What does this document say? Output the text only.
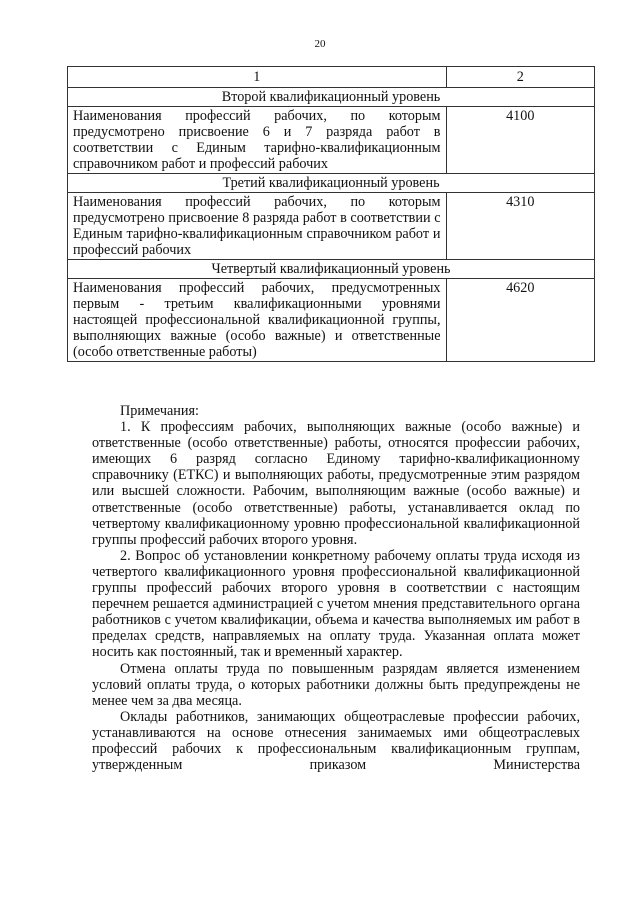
20
1	2
Второй квалификационный уровень	
Наименования профессий рабочих, по которым предусмотрено присвоение 6 и 7 разряда работ в соответствии с Единым тарифно-квалификационным справочником работ и профессий рабочих	4100
Третий квалификационный уровень	
Наименования профессий рабочих, по которым предусмотрено присвоение 8 разряда работ в соответствии с Единым тарифно-квалификационным справочником работ и профессий рабочих	4310
Четвертый квалификационный уровень	
Наименования профессий рабочих, предусмотренных первым - третьим квалификационными уровнями настоящей профессиональной квалификационной группы, выполняющих важные (особо важные) и ответственные (особо ответственные работы)	4620

Примечания:

1. К профессиям рабочих, выполняющих важные (особо важные) и ответственные (особо ответственные) работы, относятся профессии рабочих, имеющих 6 разряд согласно Единому тарифно-квалификационному справочнику (ЕТКС) и выполняющих работы, предусмотренные этим разрядом или высшей сложности. Рабочим, выполняющим важные (особо важные) и ответственные (особо ответственные) работы, устанавливается оклад по четвертому квалификационному уровню профессиональной квалификационной группы профессий рабочих второго уровня.

2. Вопрос об установлении конкретному рабочему оплаты труда исходя из четвертого квалификационного уровня профессиональной квалификационной группы профессий рабочих второго уровня в соответствии с настоящим перечнем решается администрацией с учетом мнения представительного органа работников с учетом квалификации, объема и качества выполняемых им работ в пределах средств, направляемых на оплату труда. Указанная оплата может носить как постоянный, так и временный характер.

Отмена оплаты труда по повышенным разрядам является изменением условий оплаты труда, о которых работники должны быть предупреждены не менее чем за два месяца.

Оклады работников, занимающих общеотраслевые профессии рабочих, устанавливаются на основе отнесения занимаемых ими общеотраслевых профессий рабочих к профессиональным квалификационным группам, утвержденным приказом Министерства
